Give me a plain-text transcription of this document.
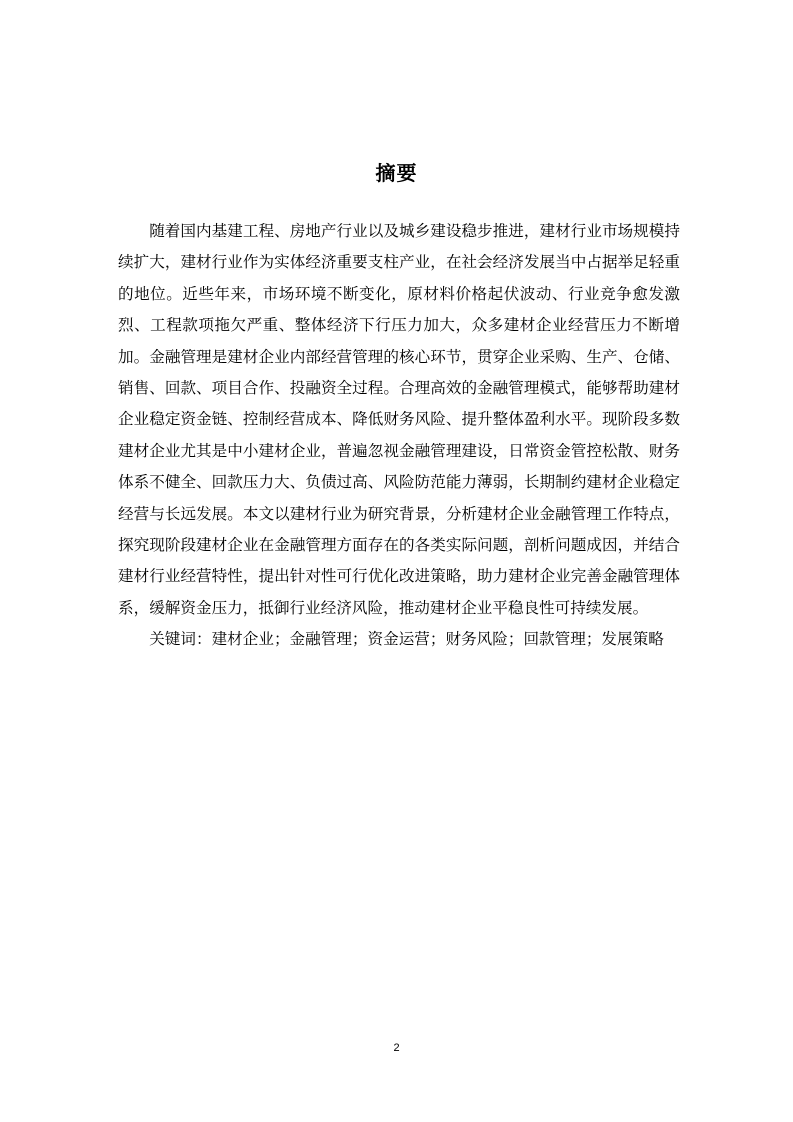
摘要

随着国内基建工程、房地产行业以及城乡建设稳步推进，建材行业市场规模持续扩大，建材行业作为实体经济重要支柱产业，在社会经济发展当中占据举足轻重的地位。近些年来，市场环境不断变化，原材料价格起伏波动、行业竞争愈发激烈、工程款项拖欠严重、整体经济下行压力加大，众多建材企业经营压力不断增加。金融管理是建材企业内部经营管理的核心环节，贯穿企业采购、生产、仓储、销售、回款、项目合作、投融资全过程。合理高效的金融管理模式，能够帮助建材企业稳定资金链、控制经营成本、降低财务风险、提升整体盈利水平。现阶段多数建材企业尤其是中小建材企业，普遍忽视金融管理建设，日常资金管控松散、财务体系不健全、回款压力大、负债过高、风险防范能力薄弱，长期制约建材企业稳定经营与长远发展。本文以建材行业为研究背景，分析建材企业金融管理工作特点，探究现阶段建材企业在金融管理方面存在的各类实际问题，剖析问题成因，并结合建材行业经营特性，提出针对性可行优化改进策略，助力建材企业完善金融管理体系，缓解资金压力，抵御行业经济风险，推动建材企业平稳良性可持续发展。

关键词：建材企业；金融管理；资金运营；财务风险；回款管理；发展策略

2
